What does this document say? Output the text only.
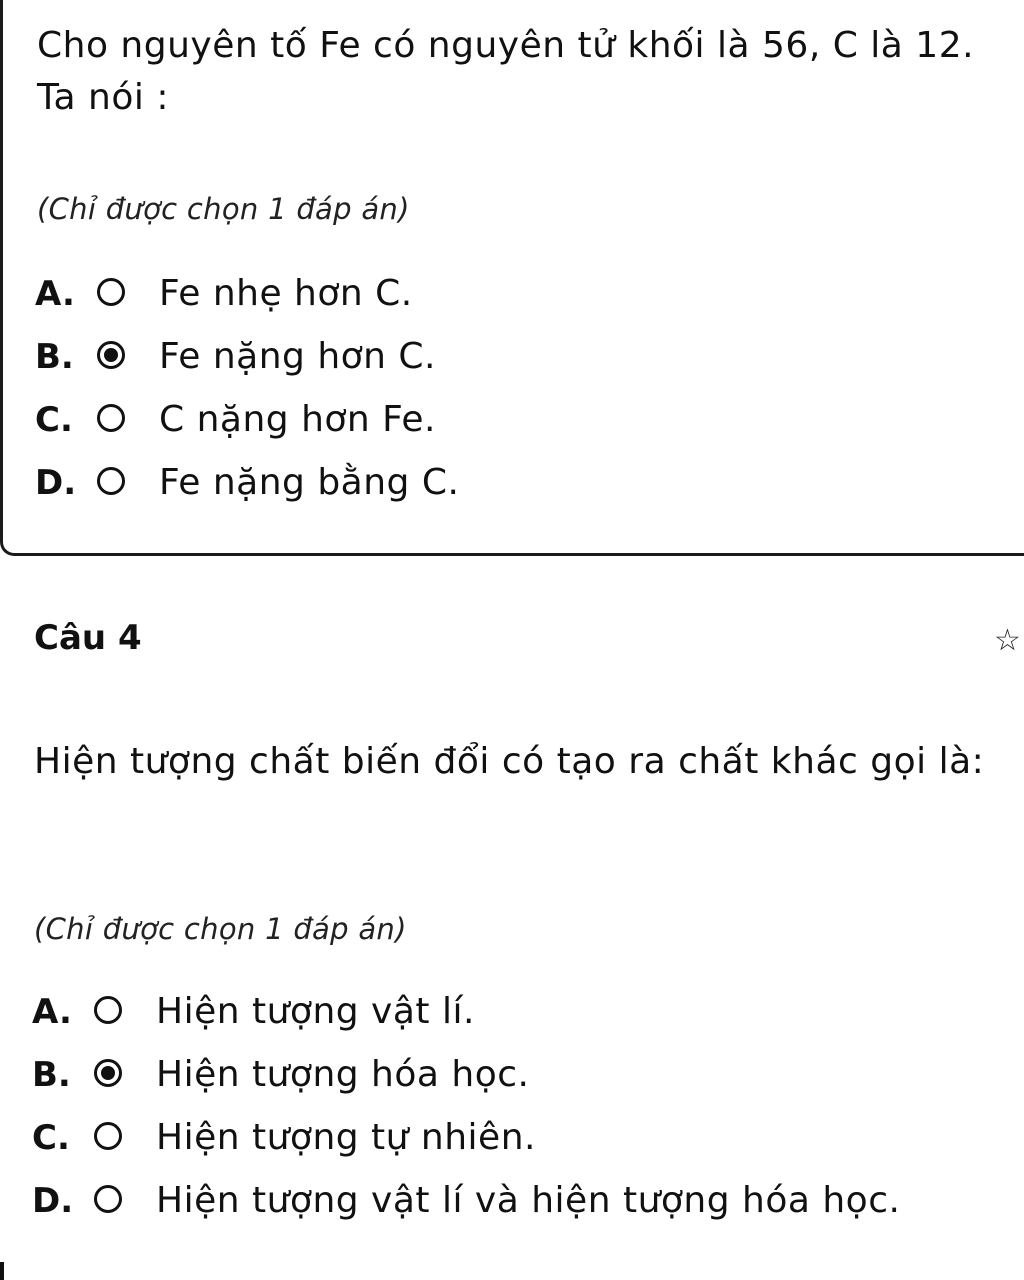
Cho nguyên tố Fe có nguyên tử khối là 56, C là 12. Ta nói :
(Chỉ được chọn 1 đáp án)
A.	Fe nhẹ hơn C.
B.	Fe nặng hơn C.
C.	C nặng hơn Fe.
D.	Fe nặng bằng C.
Câu 4	☆
Hiện tượng chất biến đổi có tạo ra chất khác gọi là:
(Chỉ được chọn 1 đáp án)
A.	Hiện tượng vật lí.
B.	Hiện tượng hóa học.
C.	Hiện tượng tự nhiên.
D.	Hiện tượng vật lí và hiện tượng hóa học.
